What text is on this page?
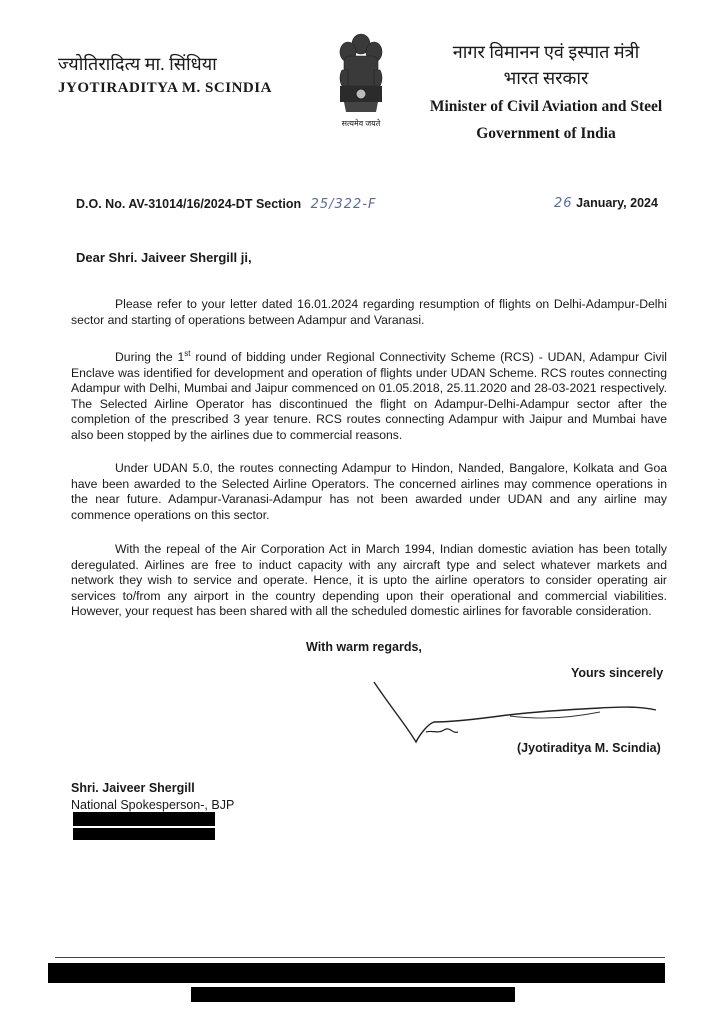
ज्योतिरादित्य मा. सिंधिया
JYOTIRADITYA M. SCINDIA
सत्यमेव जयते
नागर विमानन एवं इस्पात मंत्री
भारत सरकार
Minister of Civil Aviation and Steel
Government of India
D.O. No. AV-31014/16/2024-DT Section 25/322-F	26 January, 2024
Dear Shri. Jaiveer Shergill ji,
Please refer to your letter dated 16.01.2024 regarding resumption of flights on Delhi-Adampur-Delhi sector and starting of operations between Adampur and Varanasi.
During the 1st round of bidding under Regional Connectivity Scheme (RCS) - UDAN, Adampur Civil Enclave was identified for development and operation of flights under UDAN Scheme. RCS routes connecting Adampur with Delhi, Mumbai and Jaipur commenced on 01.05.2018, 25.11.2020 and 28-03-2021 respectively. The Selected Airline Operator has discontinued the flight on Adampur-Delhi-Adampur sector after the completion of the prescribed 3 year tenure. RCS routes connecting Adampur with Jaipur and Mumbai have also been stopped by the airlines due to commercial reasons.
Under UDAN 5.0, the routes connecting Adampur to Hindon, Nanded, Bangalore, Kolkata and Goa have been awarded to the Selected Airline Operators. The concerned airlines may commence operations in the near future. Adampur-Varanasi-Adampur has not been awarded under UDAN and any airline may commence operations on this sector.
With the repeal of the Air Corporation Act in March 1994, Indian domestic aviation has been totally deregulated. Airlines are free to induct capacity with any aircraft type and select whatever markets and network they wish to service and operate. Hence, it is upto the airline operators to consider operating air services to/from any airport in the country depending upon their operational and commercial viabilities. However, your request has been shared with all the scheduled domestic airlines for favorable consideration.
With warm regards,
Yours sincerely
(Jyotiraditya M. Scindia)
Shri. Jaiveer Shergill
National Spokesperson-, BJP
